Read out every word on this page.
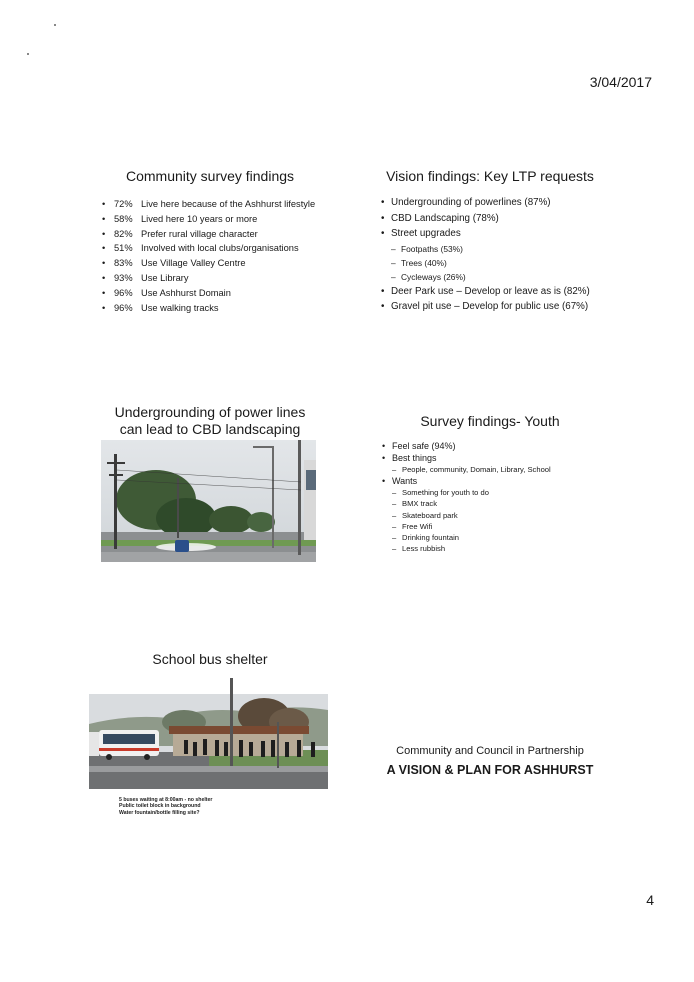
3/04/2017
Community survey findings
• 72% Live here because of the Ashhurst lifestyle
• 58% Lived here 10 years or more
• 82% Prefer rural village character
• 51% Involved with local clubs/organisations
• 83% Use Village Valley Centre
• 93% Use Library
• 96% Use Ashhurst Domain
• 96% Use walking tracks
Vision findings: Key LTP requests
• Undergrounding of powerlines (87%)
• CBD Landscaping (78%)
• Street upgrades
– Footpaths (53%)
– Trees (40%)
– Cycleways (26%)
• Deer Park use – Develop or leave as is (82%)
• Gravel pit use – Develop for public use (67%)
Undergrounding of power lines
can lead to CBD landscaping	Survey findings- Youth
• Feel safe (94%)
• Best things
– People, community, Domain, Library, School
• Wants
– Something for youth to do
– BMX track
– Skateboard park
– Free Wifi
– Drinking fountain
– Less rubbish
School bus shelter
5 buses waiting at 8:00am - no shelter
Public toilet block in background
Water fountain/bottle filling site?
Community and Council in Partnership
A VISION & PLAN FOR ASHHURST
4
